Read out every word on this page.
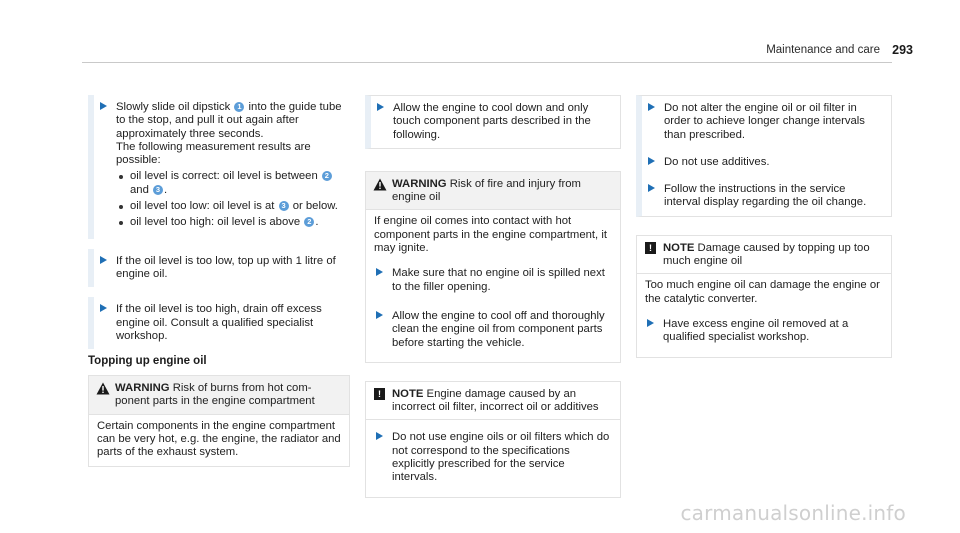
Maintenance and care 293

Slowly slide oil dipstick 1 into the guide tube to the stop, and pull it out again after approximately three seconds.

The following measurement results are possible:

oil level is correct: oil level is between 2
and 3 .
oil level too low: oil level is at 3 or below.
oil level too high: oil level is above 2 .

If the oil level is too low, top up with 1 litre of engine oil.

If the oil level is too high, drain off excess engine oil. Consult a qualified specialist workshop.

Topping up engine oil
WARNING Risk of burns from hot component parts in the engine compartment
Certain components in the engine compartment can be very hot, e.g. the engine, the radiator and parts of the exhaust system.

Allow the engine to cool down and only touch component parts described in the following.

WARNING Risk of fire and injury from engine oil

If engine oil comes into contact with hot component parts in the engine compartment, it may ignite.

Make sure that no engine oil is spilled next to the filler opening.

Allow the engine to cool off and thoroughly clean the engine oil from component parts before starting the vehicle.

! NOTE Engine damage caused by an incorrect oil filter, incorrect oil or additives

Do not use engine oils or oil filters which do not correspond to the specifications explicitly prescribed for the service intervals.

Do not alter the engine oil or oil filter in order to achieve longer change intervals than prescribed.

Do not use additives.

Follow the instructions in the service interval display regarding the oil change.

! NOTE Damage caused by topping up too much engine oil

Too much engine oil can damage the engine or the catalytic converter.

Have excess engine oil removed at a qualified specialist workshop.

carmanualsonline.info
